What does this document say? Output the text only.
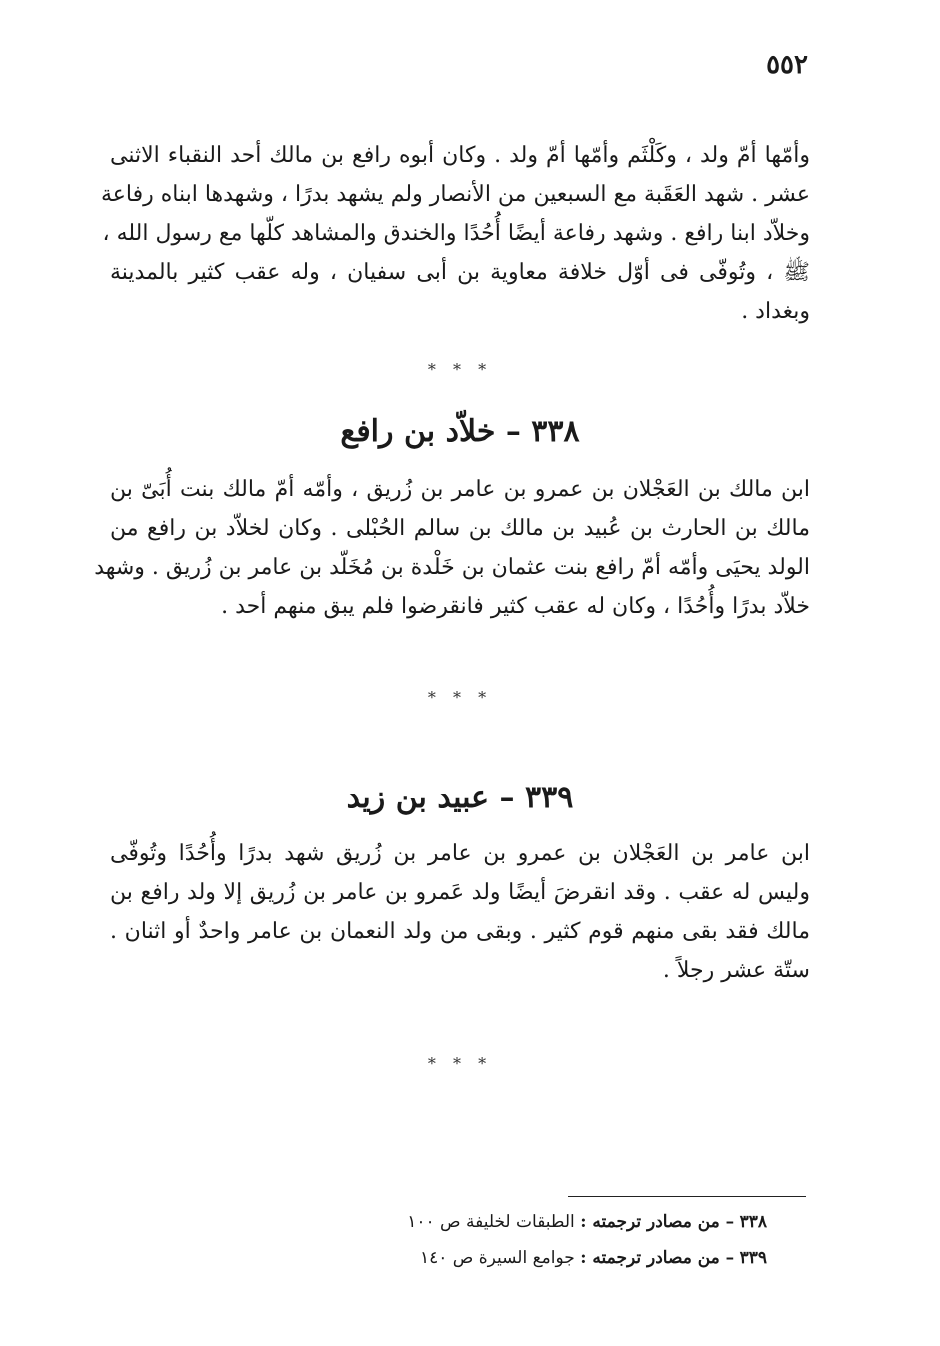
٥٥٢
وأمّها أمّ ولد ، وكَلْثَم وأمّها أمّ ولد . وكان أبوه رافع بن مالك أحد النقباء الاثنى
عشر . شهد العَقَبة مع السبعين من الأنصار ولم يشهد بدرًا ، وشهدها ابناه رفاعة
وخلاّد ابنا رافع . وشهد رفاعة أيضًا أُحُدًا والخندق والمشاهد كلّها مع رسول الله ،
ﷺ ، وتُوفّى فى أوّل خلافة معاوية بن أبى سفيان ، وله عقب كثير بالمدينة
وبغداد .
* * *
٣٣٨ – خلاّد بن رافع
ابن مالك بن العَجْلان بن عمرو بن عامر بن زُريق ، وأمّه أمّ مالك بنت أُبَىّ بن
مالك بن الحارث بن عُبيد بن مالك بن سالم الحُبْلى . وكان لخلاّد بن رافع من
الولد يحيَى وأمّه أمّ رافع بنت عثمان بن خَلْدة بن مُخَلّد بن عامر بن زُريق . وشهد
خلاّد بدرًا وأُحُدًا ، وكان له عقب كثير فانقرضوا فلم يبق منهم أحد .
* * *
٣٣٩ – عبيد بن زيد
ابن عامر بن العَجْلان بن عمرو بن عامر بن زُريق شهد بدرًا وأُحُدًا وتُوفّى
وليس له عقب . وقد انقرضَ أيضًا ولد عَمرو بن عامر بن زُريق إلا ولد رافع بن
مالك فقد بقى منهم قوم كثير . وبقى من ولد النعمان بن عامر واحدٌ أو اثنان .
ستّة عشر رجلاً .
* * *
٣٣٨ – من مصادر ترجمته : الطبقات لخليفة ص ١٠٠
٣٣٩ – من مصادر ترجمته : جوامع السيرة ص ١٤٠
